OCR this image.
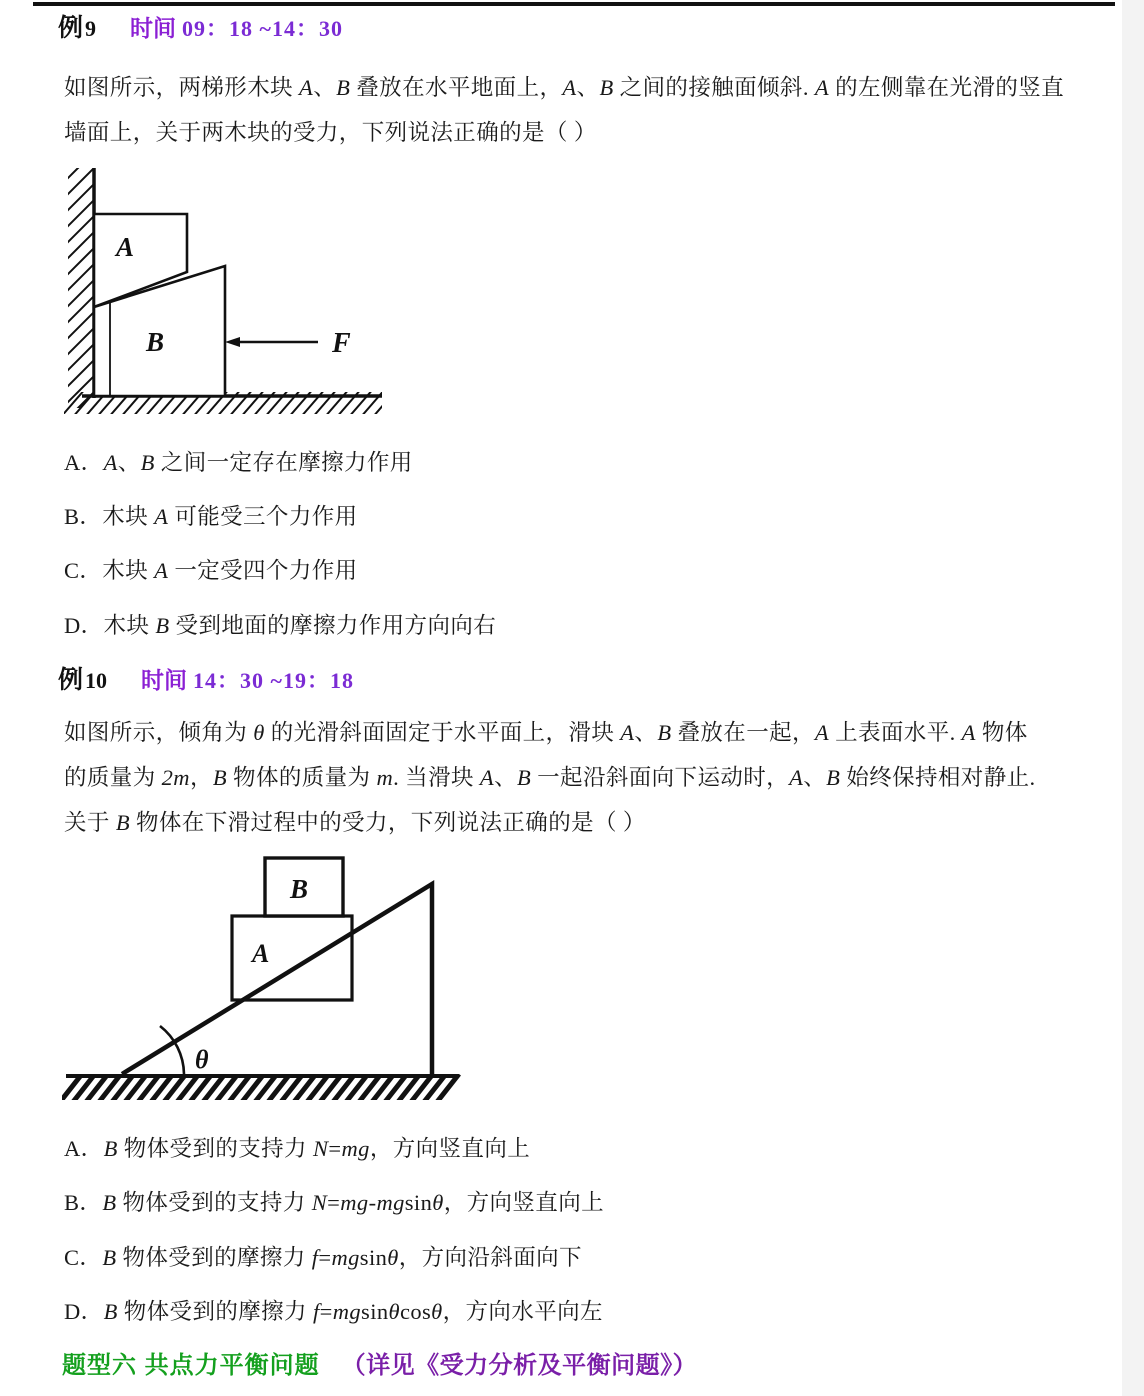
例 9 时间 09：18 ~14：30
如图所示，两梯形木块 A、B 叠放在水平地面上，A、B 之间的接触面倾斜. A 的左侧靠在光滑的竖直
墙面上，关于两木块的受力，下列说法正确的是（ ）
A
B	F
A．A、B 之间一定存在摩擦力作用
B．木块 A 可能受三个力作用
C．木块 A 一定受四个力作用
D．木块 B 受到地面的摩擦力作用方向向右
例 10 时间 14：30 ~19：18
如图所示，倾角为 θ 的光滑斜面固定于水平面上，滑块 A、B 叠放在一起，A 上表面水平. A 物体
的质量为 2m，B 物体的质量为 m. 当滑块 A、B 一起沿斜面向下运动时，A、B 始终保持相对静止.
关于 B 物体在下滑过程中的受力，下列说法正确的是（ ）
A
B
θ
A．B 物体受到的支持力 N=mg，方向竖直向上
B．B 物体受到的支持力 N=mg-mgsinθ，方向竖直向上
C．B 物体受到的摩擦力 f=mgsinθ，方向沿斜面向下
D．B 物体受到的摩擦力 f=mgsinθcosθ，方向水平向左
题型六 共点力平衡问题 （详见《受力分析及平衡问题》）
